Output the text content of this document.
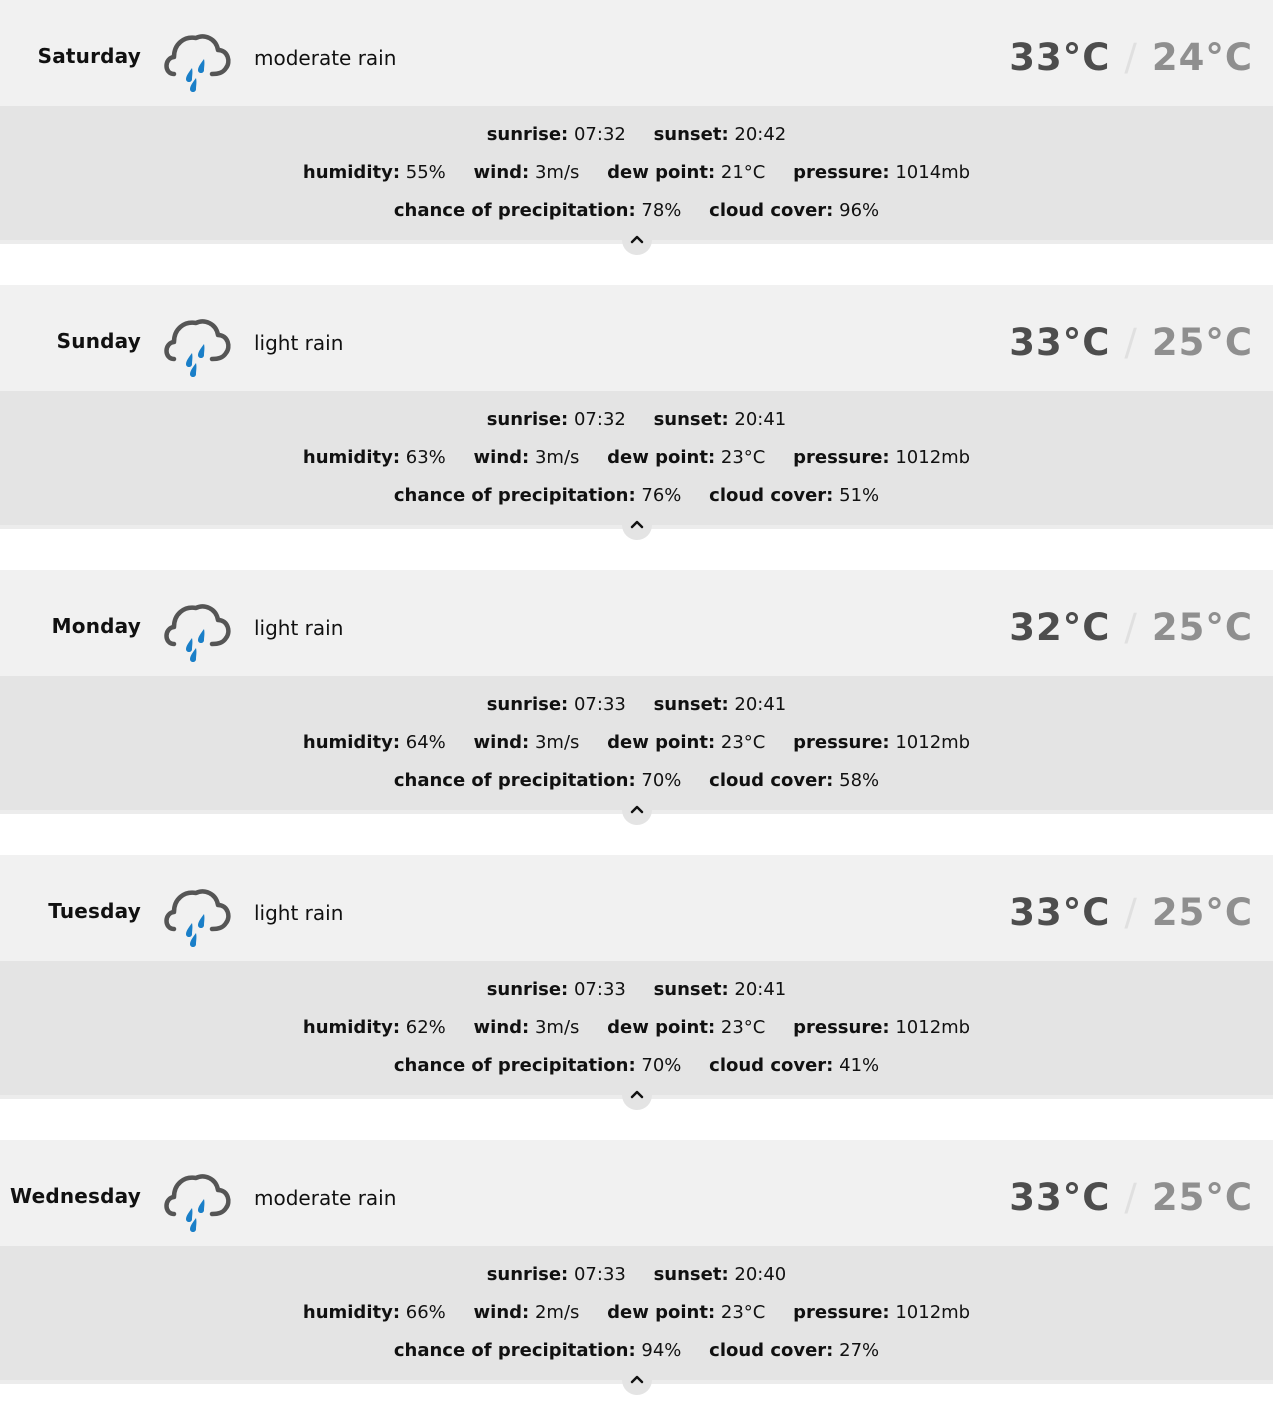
Saturday	moderate rain	33°C / 24°C
sunrise: 07:32 sunset: 20:42
humidity: 55% wind: 3m/s dew point: 21°C pressure: 1014mb
chance of precipitation: 78% cloud cover: 96%
Sunday	light rain	33°C / 25°C
sunrise: 07:32 sunset: 20:41
humidity: 63% wind: 3m/s dew point: 23°C pressure: 1012mb
chance of precipitation: 76% cloud cover: 51%
Monday	light rain	32°C / 25°C
sunrise: 07:33 sunset: 20:41
humidity: 64% wind: 3m/s dew point: 23°C pressure: 1012mb
chance of precipitation: 70% cloud cover: 58%
Tuesday	light rain	33°C / 25°C
sunrise: 07:33 sunset: 20:41
humidity: 62% wind: 3m/s dew point: 23°C pressure: 1012mb
chance of precipitation: 70% cloud cover: 41%
Wednesday	moderate rain	33°C / 25°C
sunrise: 07:33 sunset: 20:40
humidity: 66% wind: 2m/s dew point: 23°C pressure: 1012mb
chance of precipitation: 94% cloud cover: 27%
